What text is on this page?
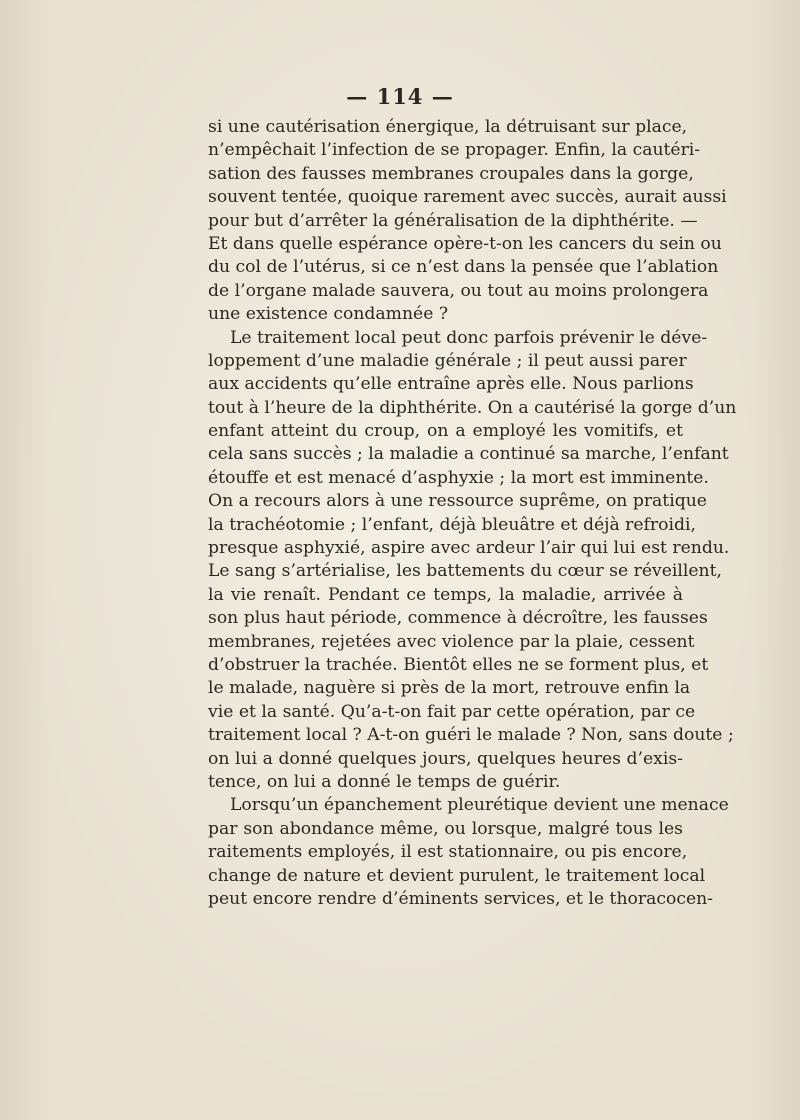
— 114 —
si une cautérisation énergique, la détruisant sur place,
n’empêchait l’infection de se propager. Enfin, la cautéri-
sation des fausses membranes croupales dans la gorge,
souvent tentée, quoique rarement avec succès, aurait aussi
pour but d’arrêter la généralisation de la diphthérite. —
Et dans quelle espérance opère-t-on les cancers du sein ou
du col de l’utérus, si ce n’est dans la pensée que l’ablation
de l’organe malade sauvera, ou tout au moins prolongera
une existence condamnée ?
Le traitement local peut donc parfois prévenir le déve-
loppement d’une maladie générale ; il peut aussi parer
aux accidents qu’elle entraîne après elle. Nous parlions
tout à l’heure de la diphthérite. On a cautérisé la gorge d’un
enfant atteint du croup, on a employé les vomitifs, et
cela sans succès ; la maladie a continué sa marche, l’enfant
étouffe et est menacé d’asphyxie ; la mort est imminente.
On a recours alors à une ressource suprême, on pratique
la trachéotomie ; l’enfant, déjà bleuâtre et déjà refroidi,
presque asphyxié, aspire avec ardeur l’air qui lui est rendu.
Le sang s’artérialise, les battements du cœur se réveillent,
la vie renaît. Pendant ce temps, la maladie, arrivée à
son plus haut période, commence à décroître, les fausses
membranes, rejetées avec violence par la plaie, cessent
d’obstruer la trachée. Bientôt elles ne se forment plus, et
le malade, naguère si près de la mort, retrouve enfin la
vie et la santé. Qu’a-t-on fait par cette opération, par ce
traitement local ? A-t-on guéri le malade ? Non, sans doute ;
on lui a donné quelques jours, quelques heures d’exis-
tence, on lui a donné le temps de guérir.
Lorsqu’un épanchement pleurétique devient une menace
par son abondance même, ou lorsque, malgré tous les
raitements employés, il est stationnaire, ou pis encore,
change de nature et devient purulent, le traitement local
peut encore rendre d’éminents services, et le thoracocen-
